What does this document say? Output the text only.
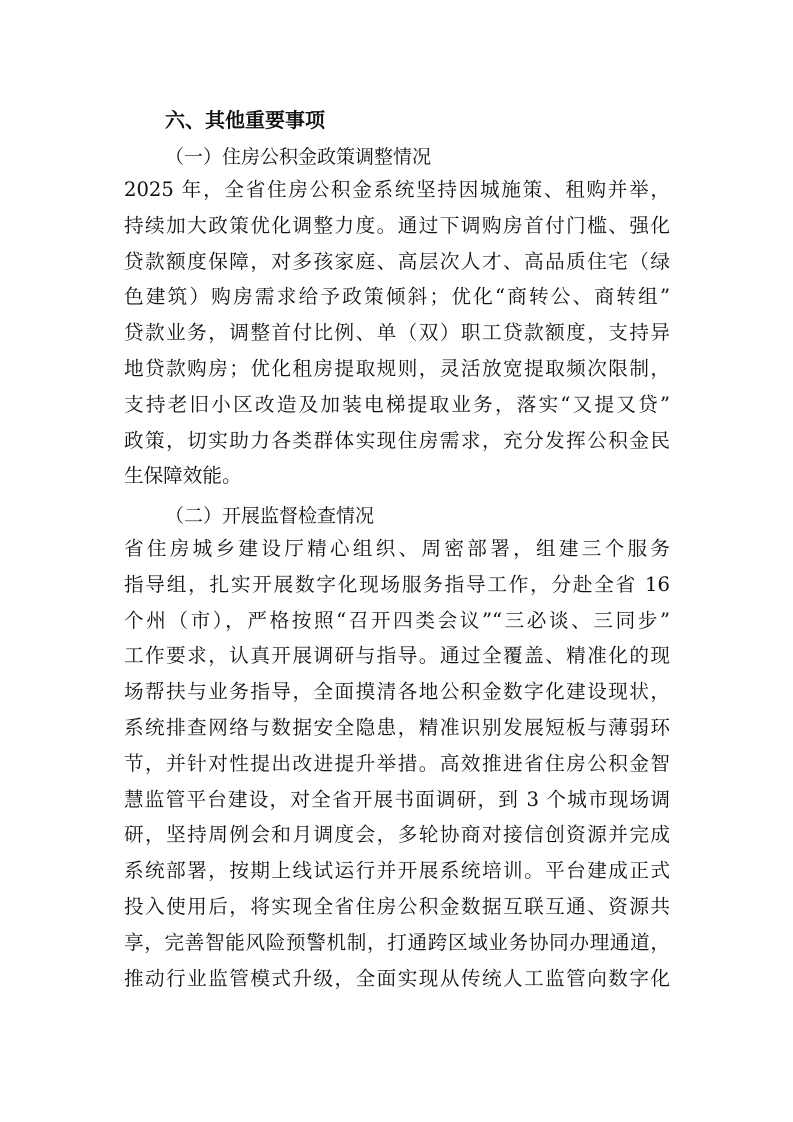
六、其他重要事项
（一）住房公积金政策调整情况
2025 年，全省住房公积金系统坚持因城施策、租购并举，
持续加大政策优化调整力度。通过下调购房首付门槛、强化
贷款额度保障，对多孩家庭、高层次人才、高品质住宅（绿
色建筑）购房需求给予政策倾斜；优化“商转公、商转组”
贷款业务，调整首付比例、单（双）职工贷款额度，支持异
地贷款购房；优化租房提取规则，灵活放宽提取频次限制，
支持老旧小区改造及加装电梯提取业务，落实“又提又贷”
政策，切实助力各类群体实现住房需求，充分发挥公积金民
生保障效能。
（二）开展监督检查情况
省住房城乡建设厅精心组织、周密部署，组建三个服务
指导组，扎实开展数字化现场服务指导工作，分赴全省 16
个州（市），严格按照“召开四类会议”“三必谈、三同步”
工作要求，认真开展调研与指导。通过全覆盖、精准化的现
场帮扶与业务指导，全面摸清各地公积金数字化建设现状，
系统排查网络与数据安全隐患，精准识别发展短板与薄弱环
节，并针对性提出改进提升举措。高效推进省住房公积金智
慧监管平台建设，对全省开展书面调研，到 3 个城市现场调
研，坚持周例会和月调度会，多轮协商对接信创资源并完成
系统部署，按期上线试运行并开展系统培训。平台建成正式
投入使用后，将实现全省住房公积金数据互联互通、资源共
享，完善智能风险预警机制，打通跨区域业务协同办理通道，
推动行业监管模式升级，全面实现从传统人工监管向数字化
